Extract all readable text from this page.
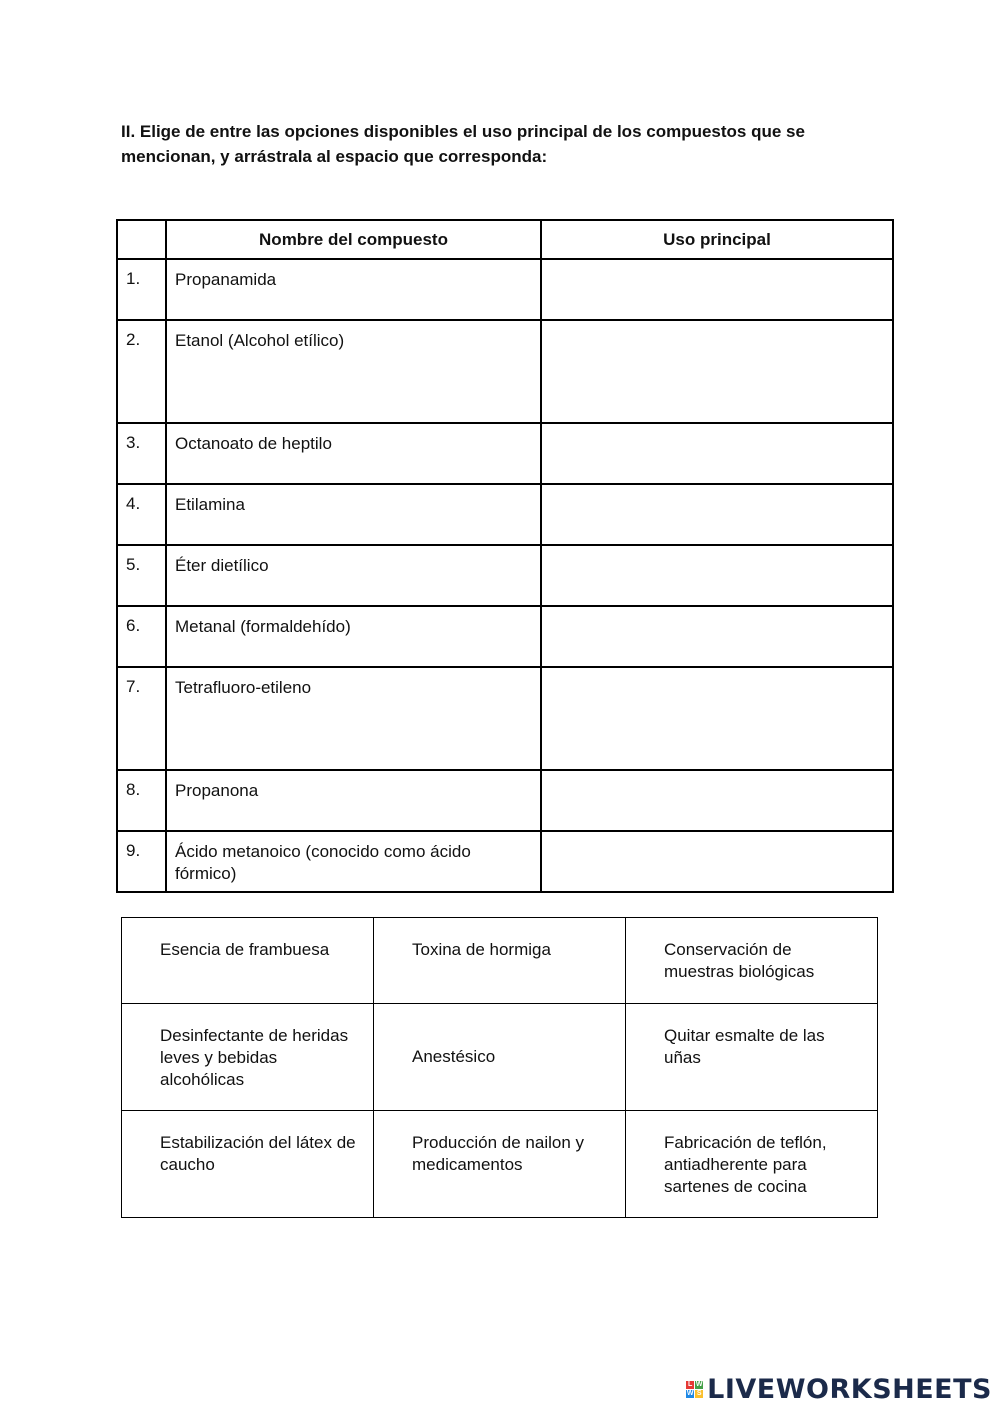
II. Elige de entre las opciones disponibles el uso principal de los compuestos que se mencionan, y arrástrala al espacio que corresponda:

	Nombre del compuesto	Uso principal
1.	Propanamida	
2.	Etanol (Alcohol etílico)	
3.	Octanoato de heptilo	
4.	Etilamina	
5.	Éter dietílico	
6.	Metanal (formaldehído)	
7.	Tetrafluoro-etileno	
8.	Propanona	
9.	Ácido metanoico (conocido como ácido fórmico)	
Esencia de frambuesa	Toxina de hormiga	Conservación de muestras biológicas
Desinfectante de heridas leves y bebidas alcohólicas	Anestésico	Quitar esmalte de las uñas
Estabilización del látex de caucho	Producción de nailon y medicamentos	Fabricación de teflón, antiadherente para sartenes de cocina
L W
W S LIVEWORKSHEETS
